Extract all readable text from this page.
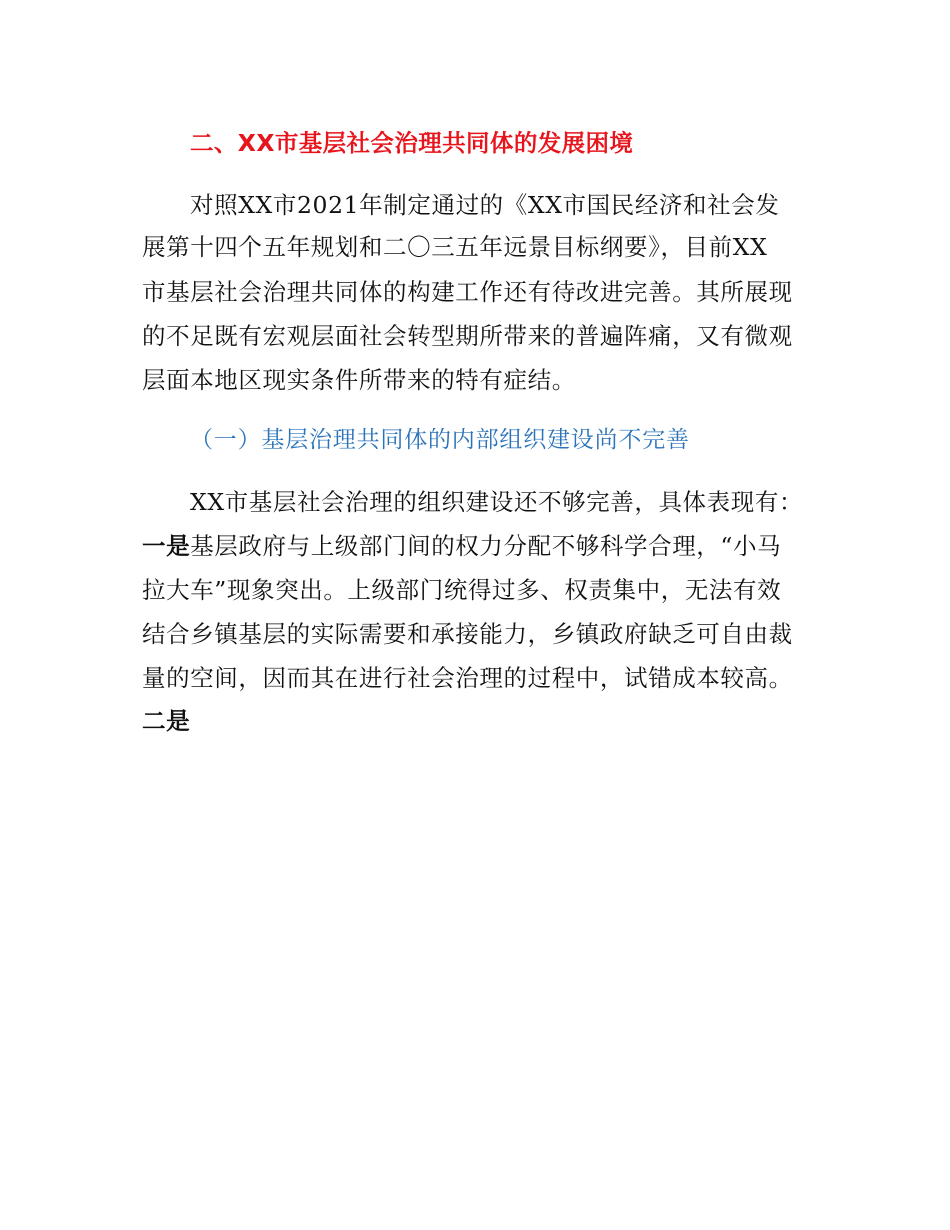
二、XX市基层社会治理共同体的发展困境
对照XX市2021年制定通过的《XX市国民经济和社会发
展第十四个五年规划和二〇三五年远景目标纲要》，目前XX
市基层社会治理共同体的构建工作还有待改进完善。其所展现
的不足既有宏观层面社会转型期所带来的普遍阵痛，又有微观
层面本地区现实条件所带来的特有症结。
（一）基层治理共同体的内部组织建设尚不完善
XX市基层社会治理的组织建设还不够完善，具体表现有：
一是基层政府与上级部门间的权力分配不够科学合理，“小马
拉大车”现象突出。上级部门统得过多、权责集中，无法有效
结合乡镇基层的实际需要和承接能力，乡镇政府缺乏可自由裁
量的空间，因而其在进行社会治理的过程中，试错成本较高。
二是
